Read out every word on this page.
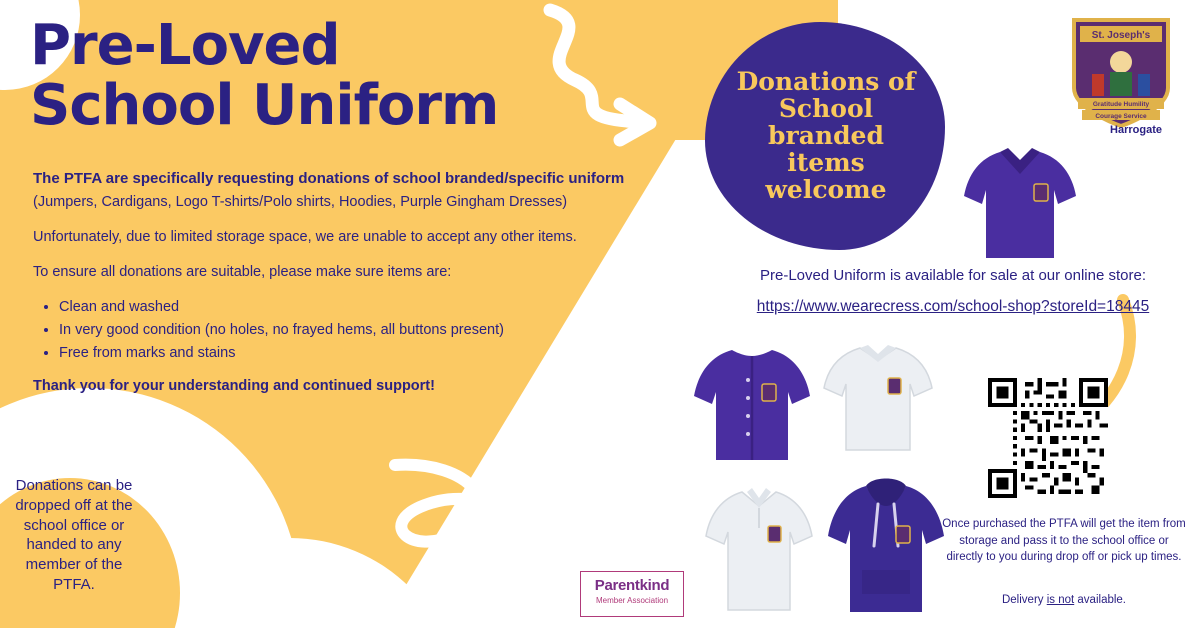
Pre-Loved
School Uniform

The PTFA are specifically requesting donations of school branded/specific uniform
(Jumpers, Cardigans, Logo T-shirts/Polo shirts, Hoodies, Purple Gingham Dresses)

Unfortunately, due to limited storage space, we are unable to accept any other items.

To ensure all donations are suitable, please make sure items are:

• Clean and washed
• In very good condition (no holes, no frayed hems, all buttons present)
• Free from marks and stains
Thank you for your understanding and continued support!
Donations can be dropped off at the school office or handed to any member of the PTFA.
Donations of
School
branded
items
welcome
St. Joseph's
Gratitude Humility
Courage Service
Harrogate
Pre-Loved Uniform is available for sale at our online store:
https://www.wearecress.com/school-shop?storeId=18445
Once purchased the PTFA will get the item from storage and pass it to the school office or directly to you during drop off or pick up times.
Delivery is not available.
Parentkind
Member Association
